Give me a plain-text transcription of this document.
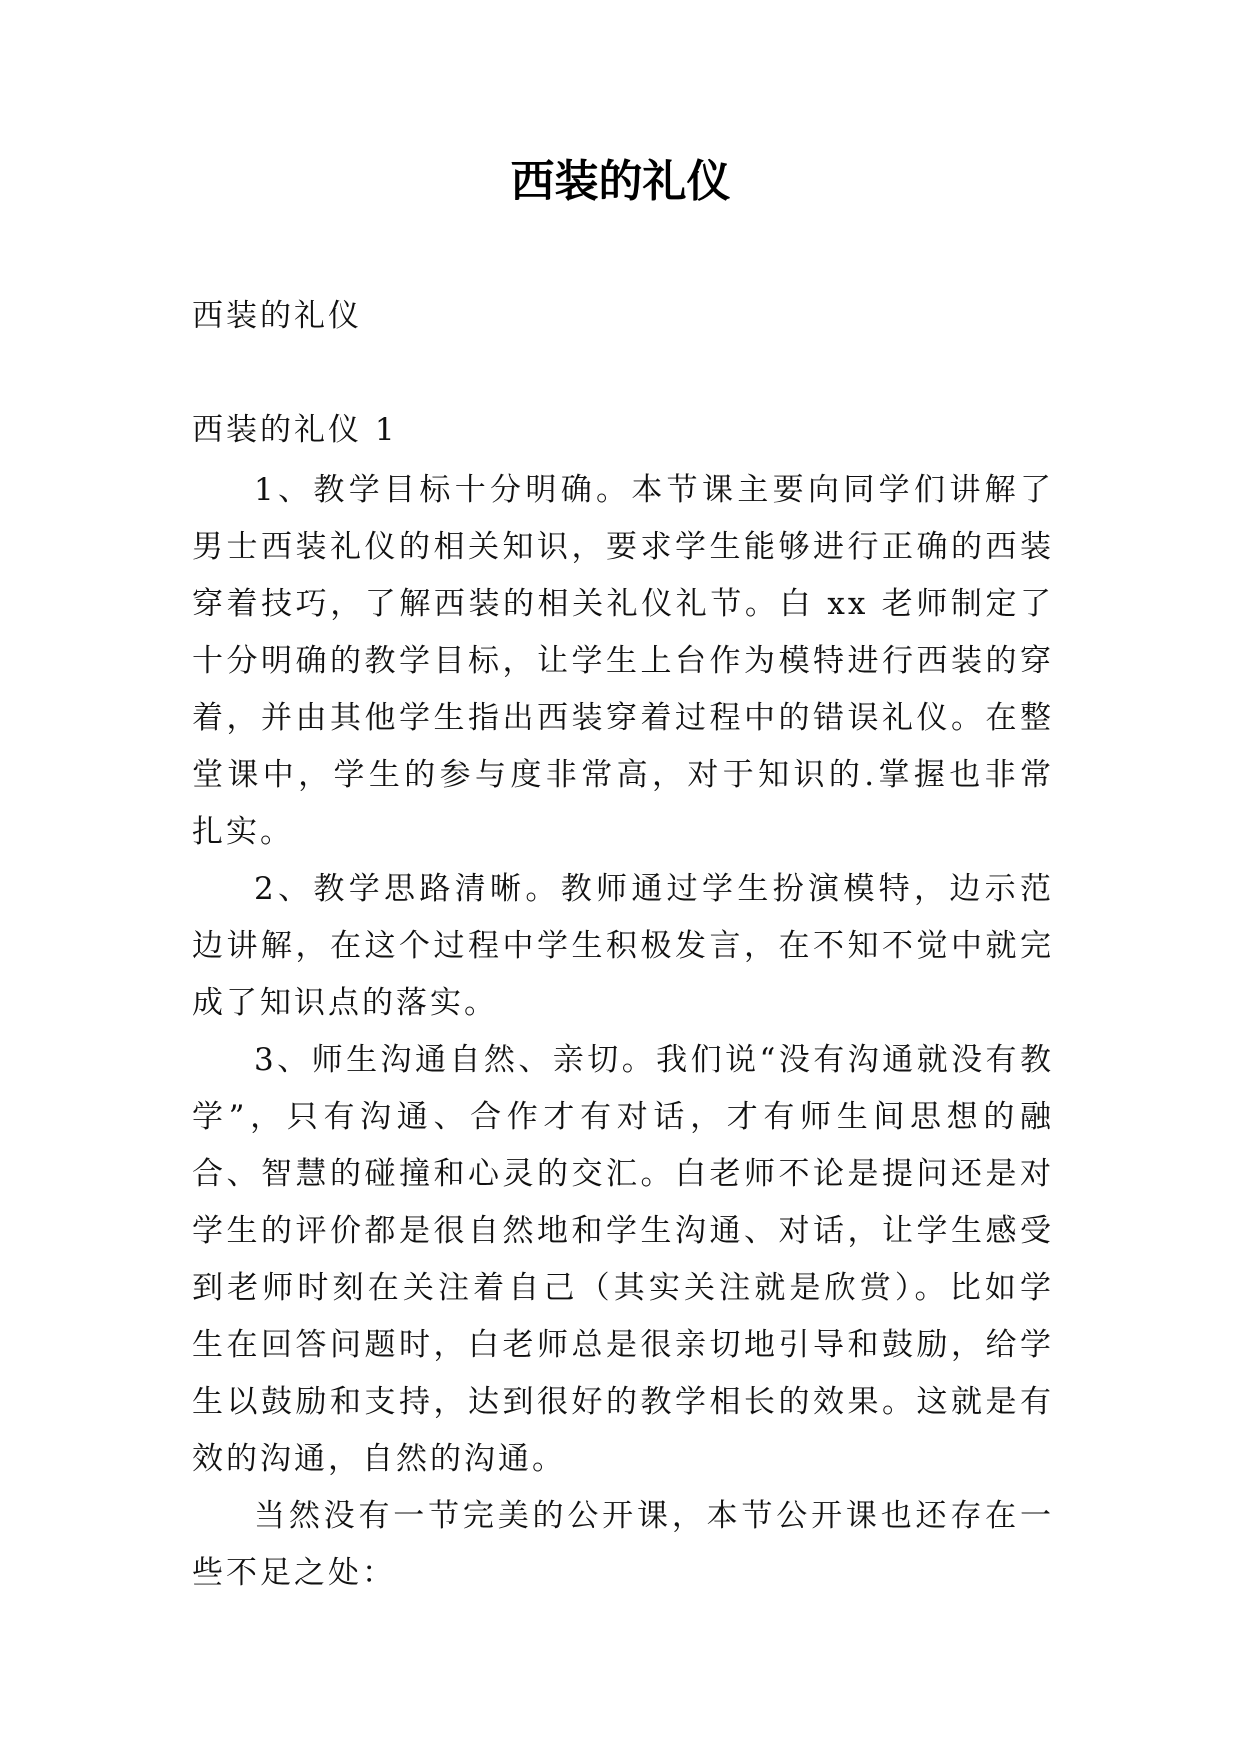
西装的礼仪
西装的礼仪
西装的礼仪 1

1、教学目标十分明确。本节课主要向同学们讲解了男士西装礼仪的相关知识，要求学生能够进行正确的西装穿着技巧，了解西装的相关礼仪礼节。白 xx 老师制定了十分明确的教学目标，让学生上台作为模特进行西装的穿着，并由其他学生指出西装穿着过程中的错误礼仪。在整堂课中，学生的参与度非常高，对于知识的.掌握也非常扎实。

2、教学思路清晰。教师通过学生扮演模特，边示范边讲解，在这个过程中学生积极发言，在不知不觉中就完成了知识点的落实。

3、师生沟通自然、亲切。我们说“没有沟通就没有教学”，只有沟通、合作才有对话，才有师生间思想的融合、智慧的碰撞和心灵的交汇。白老师不论是提问还是对学生的评价都是很自然地和学生沟通、对话，让学生感受到老师时刻在关注着自己（其实关注就是欣赏）。比如学生在回答问题时，白老师总是很亲切地引导和鼓励，给学生以鼓励和支持，达到很好的教学相长的效果。这就是有效的沟通，自然的沟通。

当然没有一节完美的公开课，本节公开课也还存在一些不足之处：
